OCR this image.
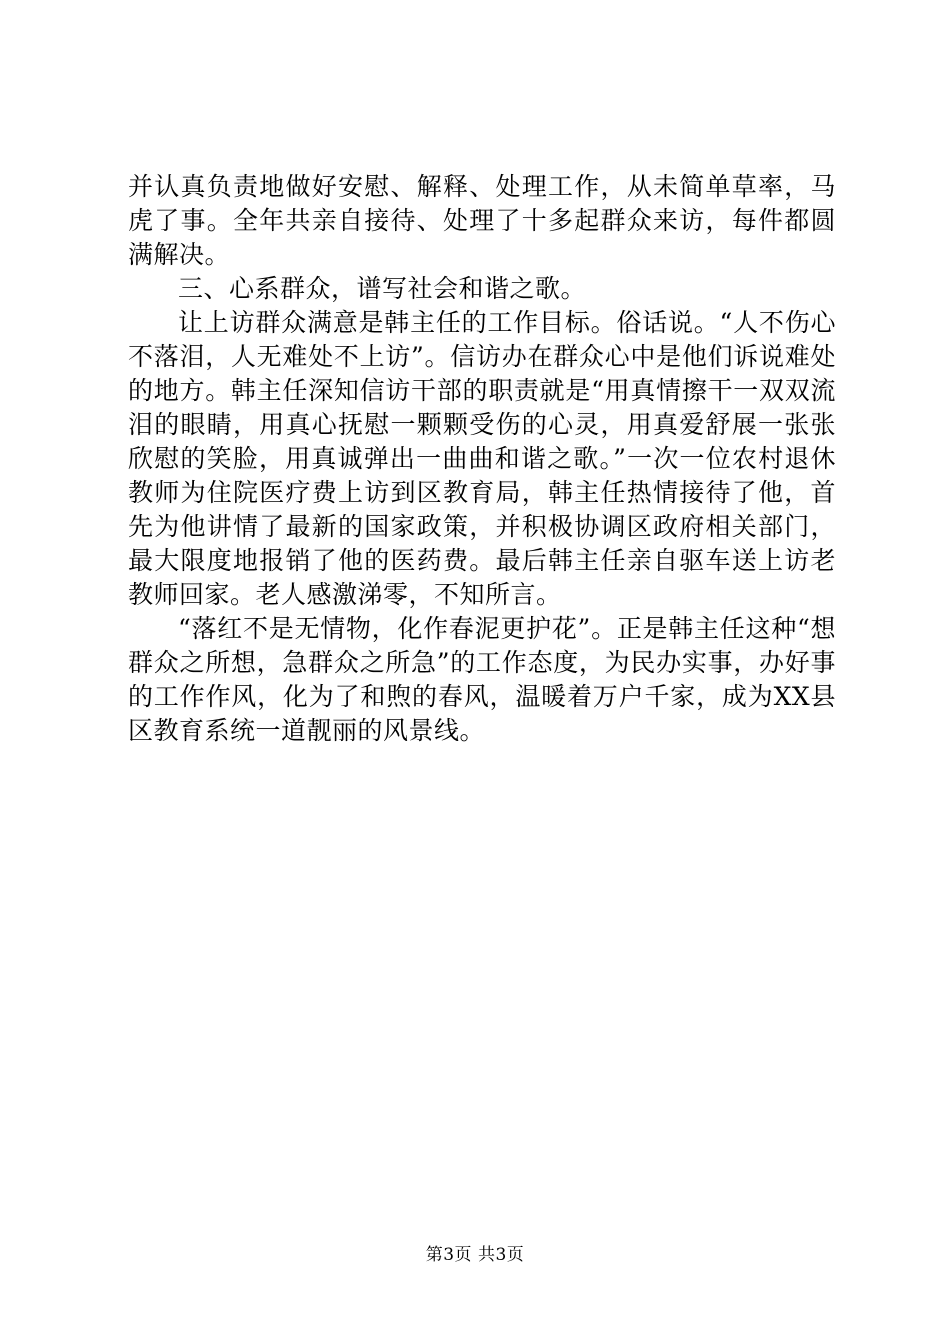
并认真负责地做好安慰、解释、处理工作，从未简单草率，马虎了事。全年共亲自接待、处理了十多起群众来访，每件都圆满解决。

三、心系群众，谱写社会和谐之歌。

让上访群众满意是韩主任的工作目标。俗话说。“人不伤心不落泪，人无难处不上访”。信访办在群众心中是他们诉说难处的地方。韩主任深知信访干部的职责就是“用真情擦干一双双流泪的眼睛，用真心抚慰一颗颗受伤的心灵，用真爱舒展一张张欣慰的笑脸，用真诚弹出一曲曲和谐之歌。”一次一位农村退休教师为住院医疗费上访到区教育局，韩主任热情接待了他，首先为他讲情了最新的国家政策，并积极协调区政府相关部门，最大限度地报销了他的医药费。最后韩主任亲自驱车送上访老教师回家。老人感激涕零，不知所言。

“落红不是无情物，化作春泥更护花”。正是韩主任这种“想群众之所想，急群众之所急”的工作态度，为民办实事，办好事的工作作风，化为了和煦的春风，温暖着万户千家，成为XX县区教育系统一道靓丽的风景线。

第3页 共3页
